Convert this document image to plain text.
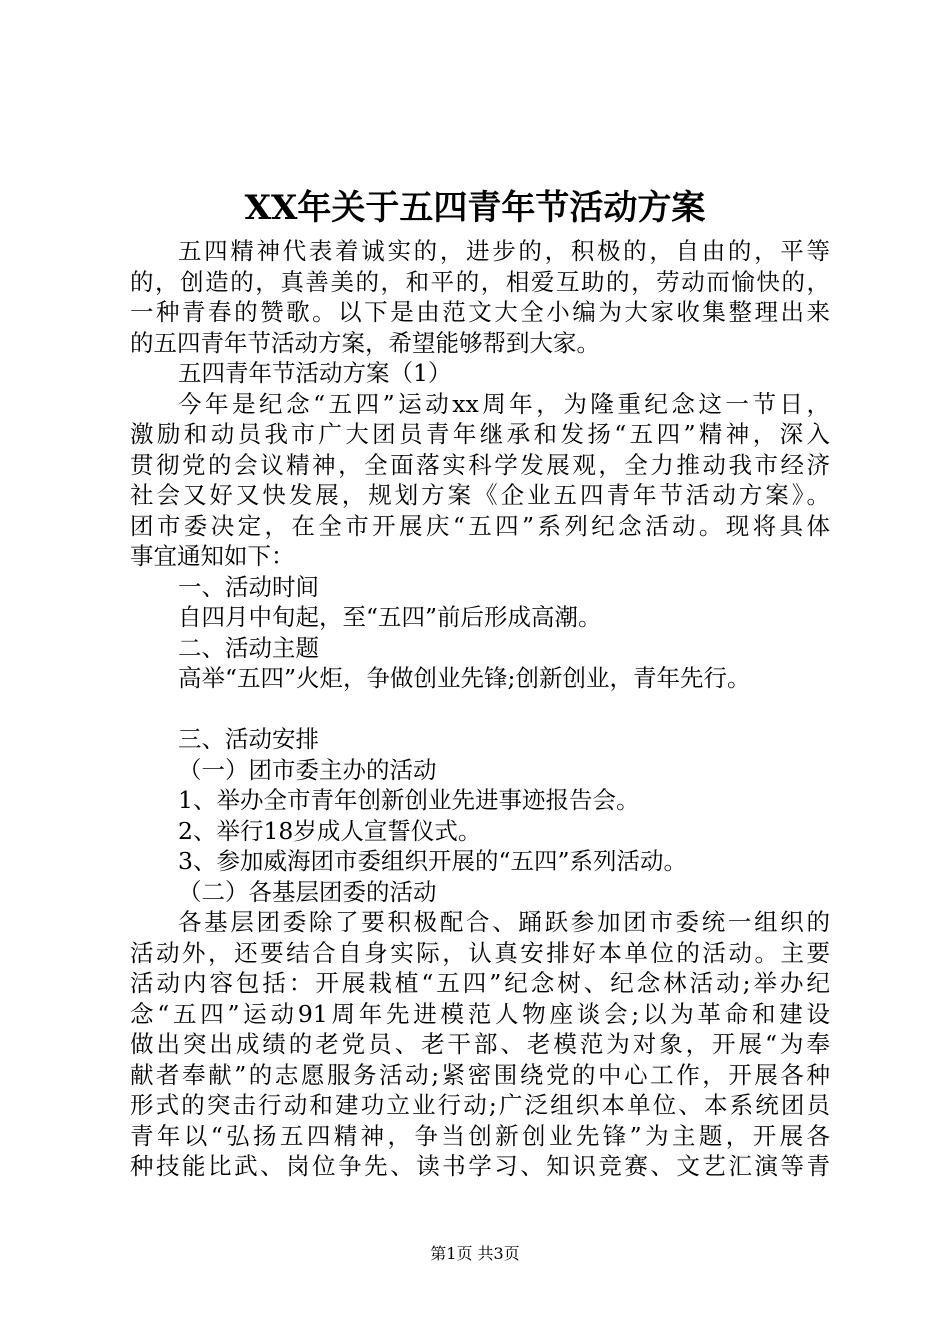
XX年关于五四青年节活动方案
五四精神代表着诚实的，进步的，积极的，自由的，平等
的，创造的，真善美的，和平的，相爱互助的，劳动而愉快的，
一种青春的赞歌。以下是由范文大全小编为大家收集整理出来
的五四青年节活动方案，希望能够帮到大家。
五四青年节活动方案（1）
今年是纪念“五四”运动xx周年，为隆重纪念这一节日，
激励和动员我市广大团员青年继承和发扬“五四”精神，深入
贯彻党的会议精神，全面落实科学发展观，全力推动我市经济
社会又好又快发展，规划方案《企业五四青年节活动方案》。
团市委决定，在全市开展庆“五四”系列纪念活动。现将具体
事宜通知如下：
一、活动时间
自四月中旬起，至“五四”前后形成高潮。
二、活动主题
高举“五四”火炬，争做创业先锋;创新创业，青年先行。
三、活动安排
（一）团市委主办的活动
1、举办全市青年创新创业先进事迹报告会。
2、举行18岁成人宣誓仪式。
3、参加威海团市委组织开展的“五四”系列活动。
（二）各基层团委的活动
各基层团委除了要积极配合、踊跃参加团市委统一组织的
活动外，还要结合自身实际，认真安排好本单位的活动。主要
活动内容包括：开展栽植“五四”纪念树、纪念林活动;举办纪
念“五四”运动91周年先进模范人物座谈会;以为革命和建设
做出突出成绩的老党员、老干部、老模范为对象，开展“为奉
献者奉献”的志愿服务活动;紧密围绕党的中心工作，开展各种
形式的突击行动和建功立业行动;广泛组织本单位、本系统团员
青年以“弘扬五四精神，争当创新创业先锋”为主题，开展各
种技能比武、岗位争先、读书学习、知识竞赛、文艺汇演等青
第1页 共3页
